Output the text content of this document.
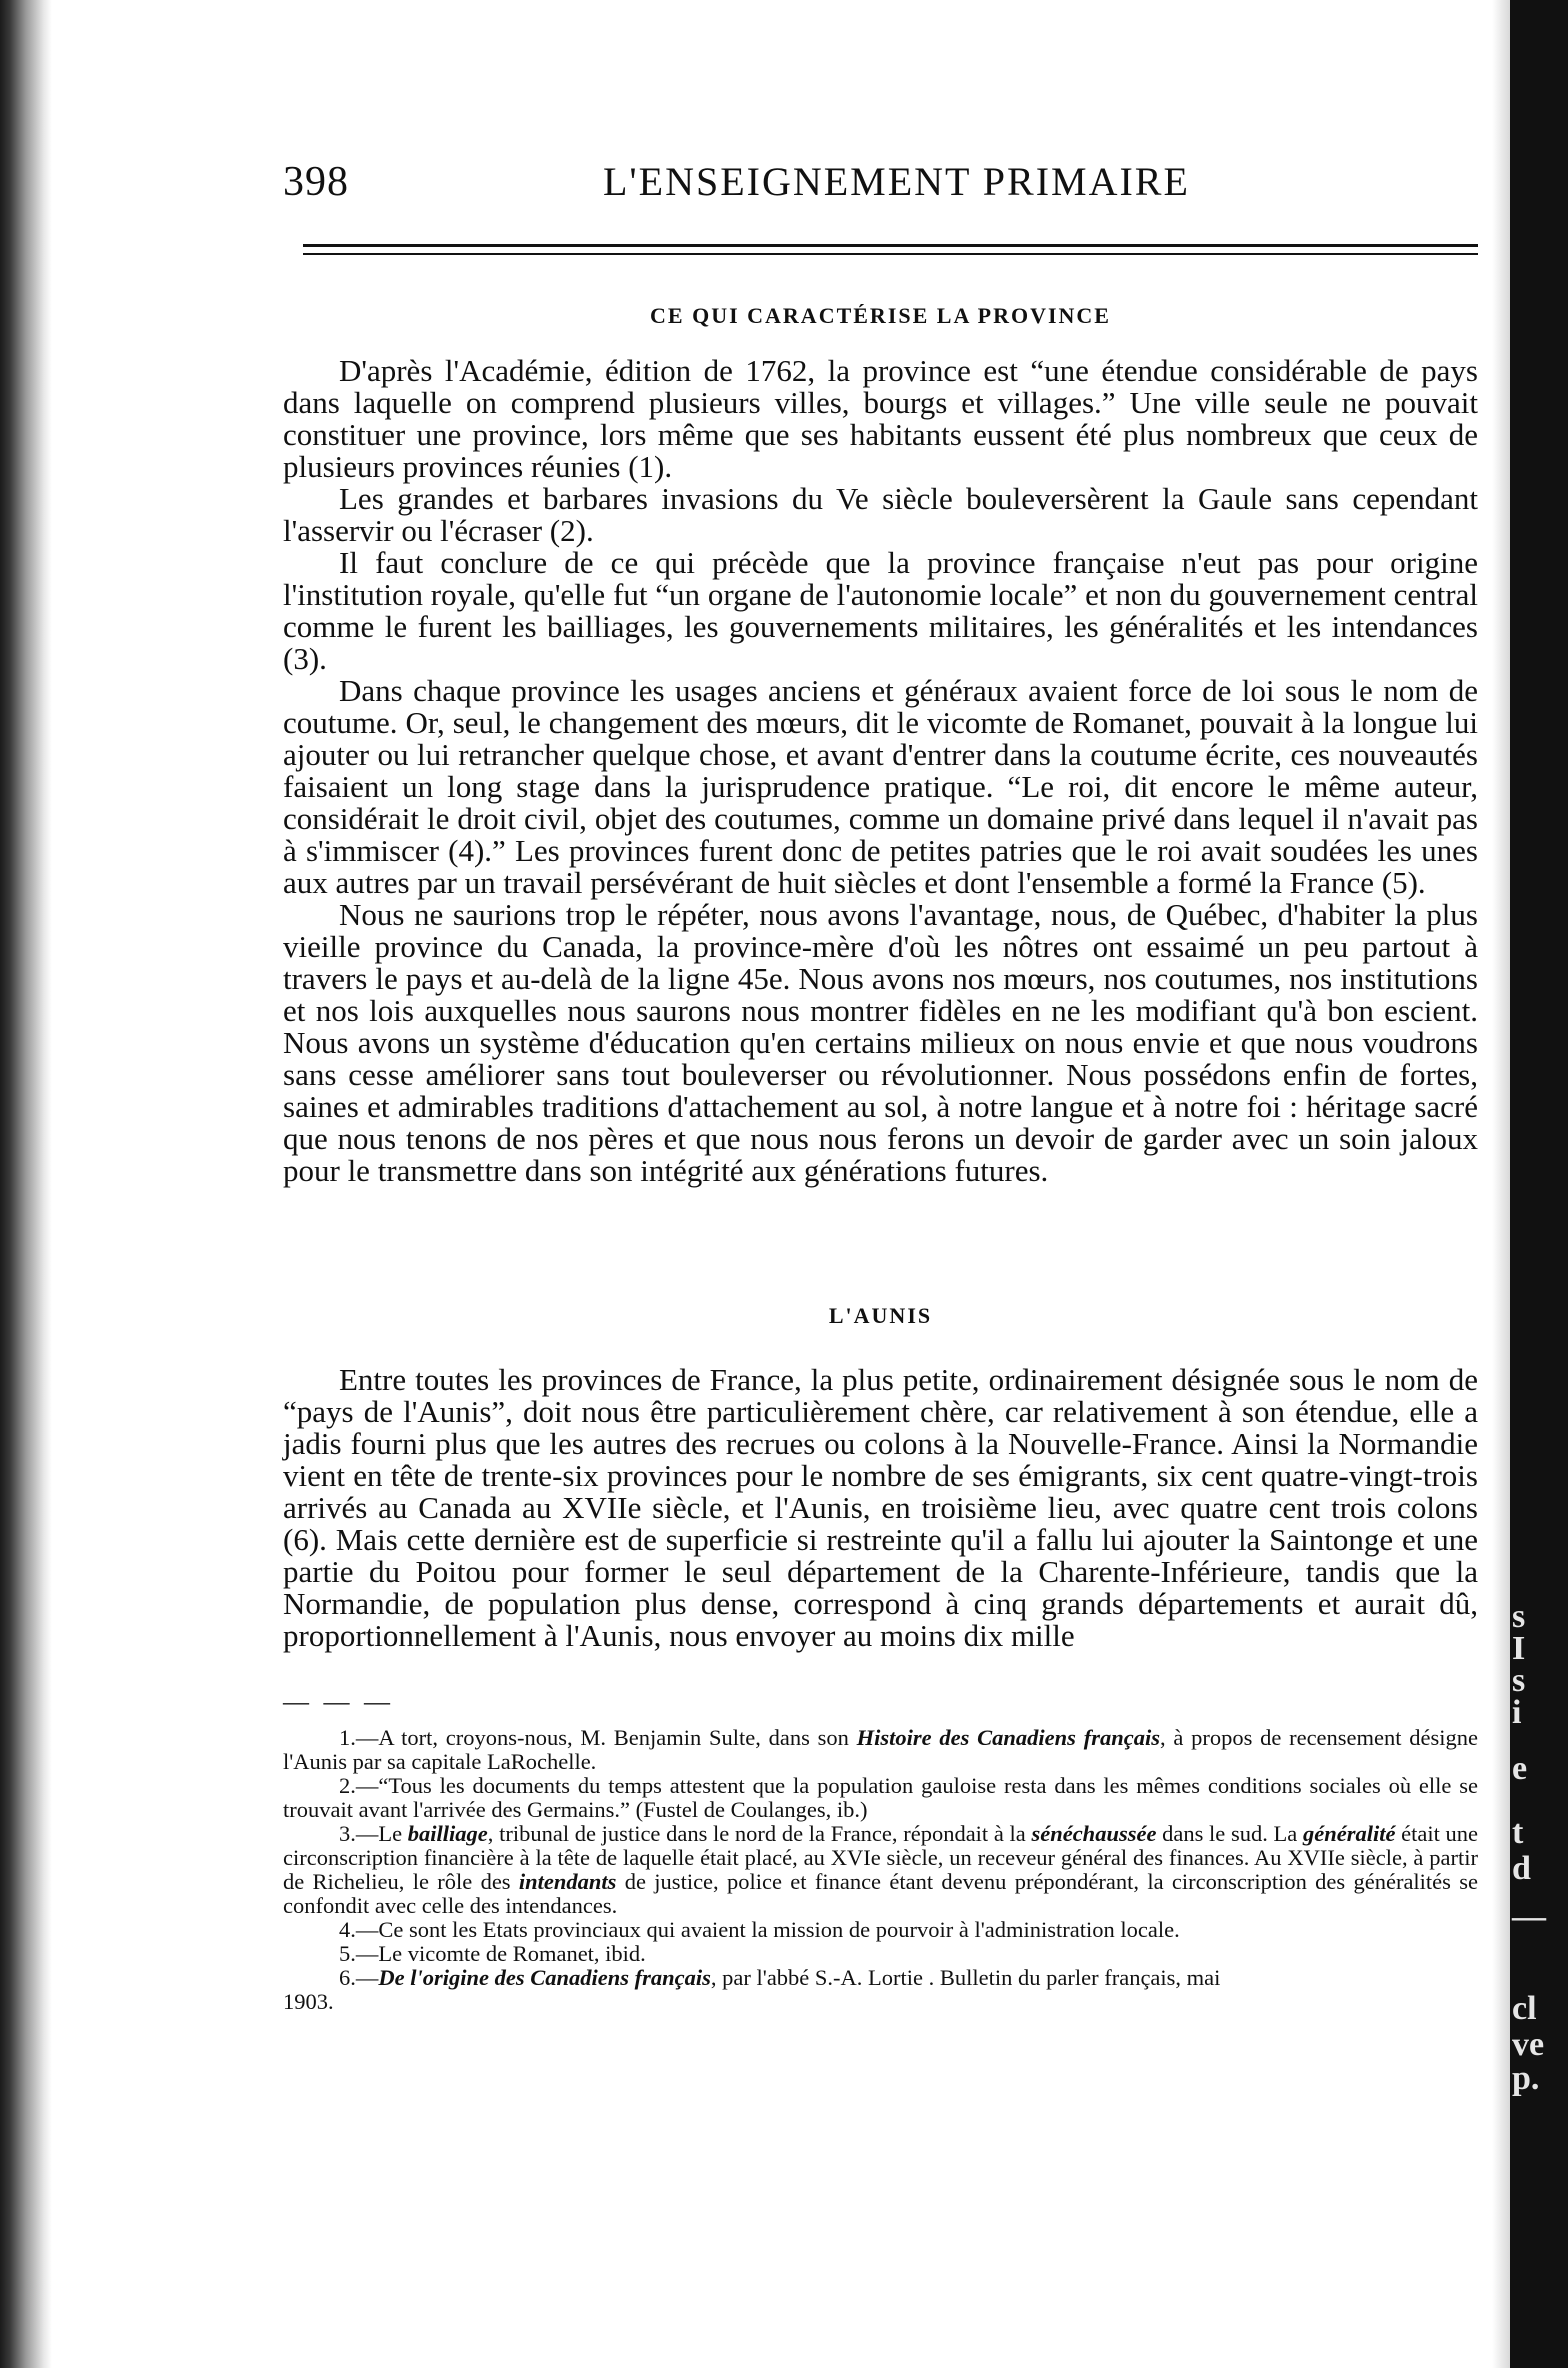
s
I
s
i
e
t
d
—
cl
ve
p.
398	L'ENSEIGNEMENT PRIMAIRE
CE QUI CARACTÉRISE LA PROVINCE

D'après l'Académie, édition de 1762, la province est “une étendue considérable de pays dans laquelle on comprend plusieurs villes, bourgs et villages.” Une ville seule ne pouvait constituer une province, lors même que ses habitants eussent été plus nombreux que ceux de plusieurs provinces réunies (1).

Les grandes et barbares invasions du Ve siècle bouleversèrent la Gaule sans cependant l'asservir ou l'écraser (2).

Il faut conclure de ce qui précède que la province française n'eut pas pour origine l'institution royale, qu'elle fut “un organe de l'autonomie locale” et non du gouvernement central comme le furent les bailliages, les gouvernements militaires, les généralités et les intendances (3).

Dans chaque province les usages anciens et généraux avaient force de loi sous le nom de coutume. Or, seul, le changement des mœurs, dit le vicomte de Romanet, pouvait à la longue lui ajouter ou lui retrancher quelque chose, et avant d'entrer dans la coutume écrite, ces nouveautés faisaient un long stage dans la jurisprudence pratique. “Le roi, dit encore le même auteur, considérait le droit civil, objet des coutumes, comme un domaine privé dans lequel il n'avait pas à s'immiscer (4).” Les provinces furent donc de petites patries que le roi avait soudées les unes aux autres par un travail persévérant de huit siècles et dont l'ensemble a formé la France (5).

Nous ne saurions trop le répéter, nous avons l'avantage, nous, de Québec, d'habiter la plus vieille province du Canada, la province-mère d'où les nôtres ont essaimé un peu partout à travers le pays et au-delà de la ligne 45e. Nous avons nos mœurs, nos coutumes, nos institutions et nos lois auxquelles nous saurons nous montrer fidèles en ne les modifiant qu'à bon escient. Nous avons un système d'éducation qu'en certains milieux on nous envie et que nous voudrons sans cesse améliorer sans tout bouleverser ou révolutionner. Nous possédons enfin de fortes, saines et admirables traditions d'attachement au sol, à notre langue et à notre foi : héritage sacré que nous tenons de nos pères et que nous nous ferons un devoir de garder avec un soin jaloux pour le transmettre dans son intégrité aux générations futures.

L'AUNIS

Entre toutes les provinces de France, la plus petite, ordinairement désignée sous le nom de “pays de l'Aunis”, doit nous être particulièrement chère, car relativement à son étendue, elle a jadis fourni plus que les autres des recrues ou colons à la Nouvelle-France. Ainsi la Normandie vient en tête de trente-six provinces pour le nombre de ses émigrants, six cent quatre-vingt-trois arrivés au Canada au XVIIe siècle, et l'Aunis, en troisième lieu, avec quatre cent trois colons (6). Mais cette dernière est de superficie si restreinte qu'il a fallu lui ajouter la Saintonge et une partie du Poitou pour former le seul département de la Charente-Inférieure, tandis que la Normandie, de population plus dense, correspond à cinq grands départements et aurait dû, proportionnellement à l'Aunis, nous envoyer au moins dix mille

— — —

1.—A tort, croyons-nous, M. Benjamin Sulte, dans son Histoire des Canadiens français, à propos de recensement désigne l'Aunis par sa capitale LaRochelle.

2.—“Tous les documents du temps attestent que la population gauloise resta dans les mêmes conditions sociales où elle se trouvait avant l'arrivée des Germains.” (Fustel de Coulanges, ib.)

3.—Le bailliage, tribunal de justice dans le nord de la France, répondait à la sénéchaussée dans le sud. La généralité était une circonscription financière à la tête de laquelle était placé, au XVIe siècle, un receveur général des finances. Au XVIIe siècle, à partir de Richelieu, le rôle des intendants de justice, police et finance étant devenu prépondérant, la circonscription des généralités se confondit avec celle des intendances.

4.—Ce sont les Etats provinciaux qui avaient la mission de pourvoir à l'administration locale.

5.—Le vicomte de Romanet, ibid.

6.—De l'origine des Canadiens français, par l'abbé S.-A. Lortie . Bulletin du parler français, mai

1903.
